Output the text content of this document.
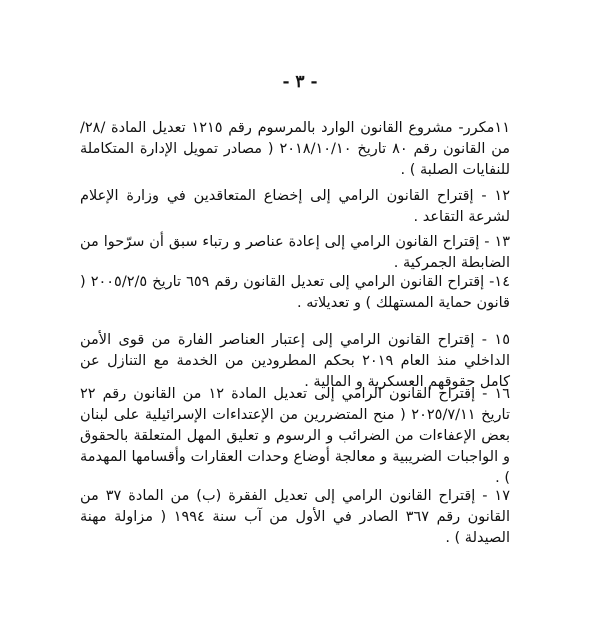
- ٣ -
١١مكرر- مشروع القانون الوارد بالمرسوم رقم ١٢١٥ تعديل المادة /٢٨/ من القانون رقم ٨٠ تاريخ ٢٠١٨/١٠/١٠ ( مصادر تمويل الإدارة المتكاملة للنفايات الصلبة ) .
١٢ - إقتراح القانون الرامي إلى إخضاع المتعاقدين في وزارة الإعلام لشرعة التقاعد .
١٣ - إقتراح القانون الرامي إلى إعادة عناصر و رتباء سبق أن سرّحوا من الضابطة الجمركية .
١٤- إقتراح القانون الرامي إلى تعديل القانون رقم ٦٥٩ تاريخ ٢٠٠٥/٢/٥ ( قانون حماية المستهلك ) و تعديلاته .
١٥ - إقتراح القانون الرامي إلى إعتبار العناصر الفارة من قوى الأمن الداخلي منذ العام ٢٠١٩ بحكم المطرودين من الخدمة مع التنازل عن كامل حقوقهم العسكرية و المالية .
١٦ - إقتراح القانون الرامي إلى تعديل المادة ١٢ من القانون رقم ٢٢ تاريخ ٢٠٢٥/٧/١١ ( منح المتضررين من الإعتداءات الإسرائيلية على لبنان بعض الإعفاءات من الضرائب و الرسوم و تعليق المهل المتعلقة بالحقوق و الواجبات الضريبية و معالجة أوضاع وحدات العقارات وأقسامها المهدمة ) .
١٧ - إقتراح القانون الرامي إلى تعديل الفقرة (ب) من المادة ٣٧ من القانون رقم ٣٦٧ الصادر في الأول من آب سنة ١٩٩٤ ( مزاولة مهنة الصيدلة ) .
